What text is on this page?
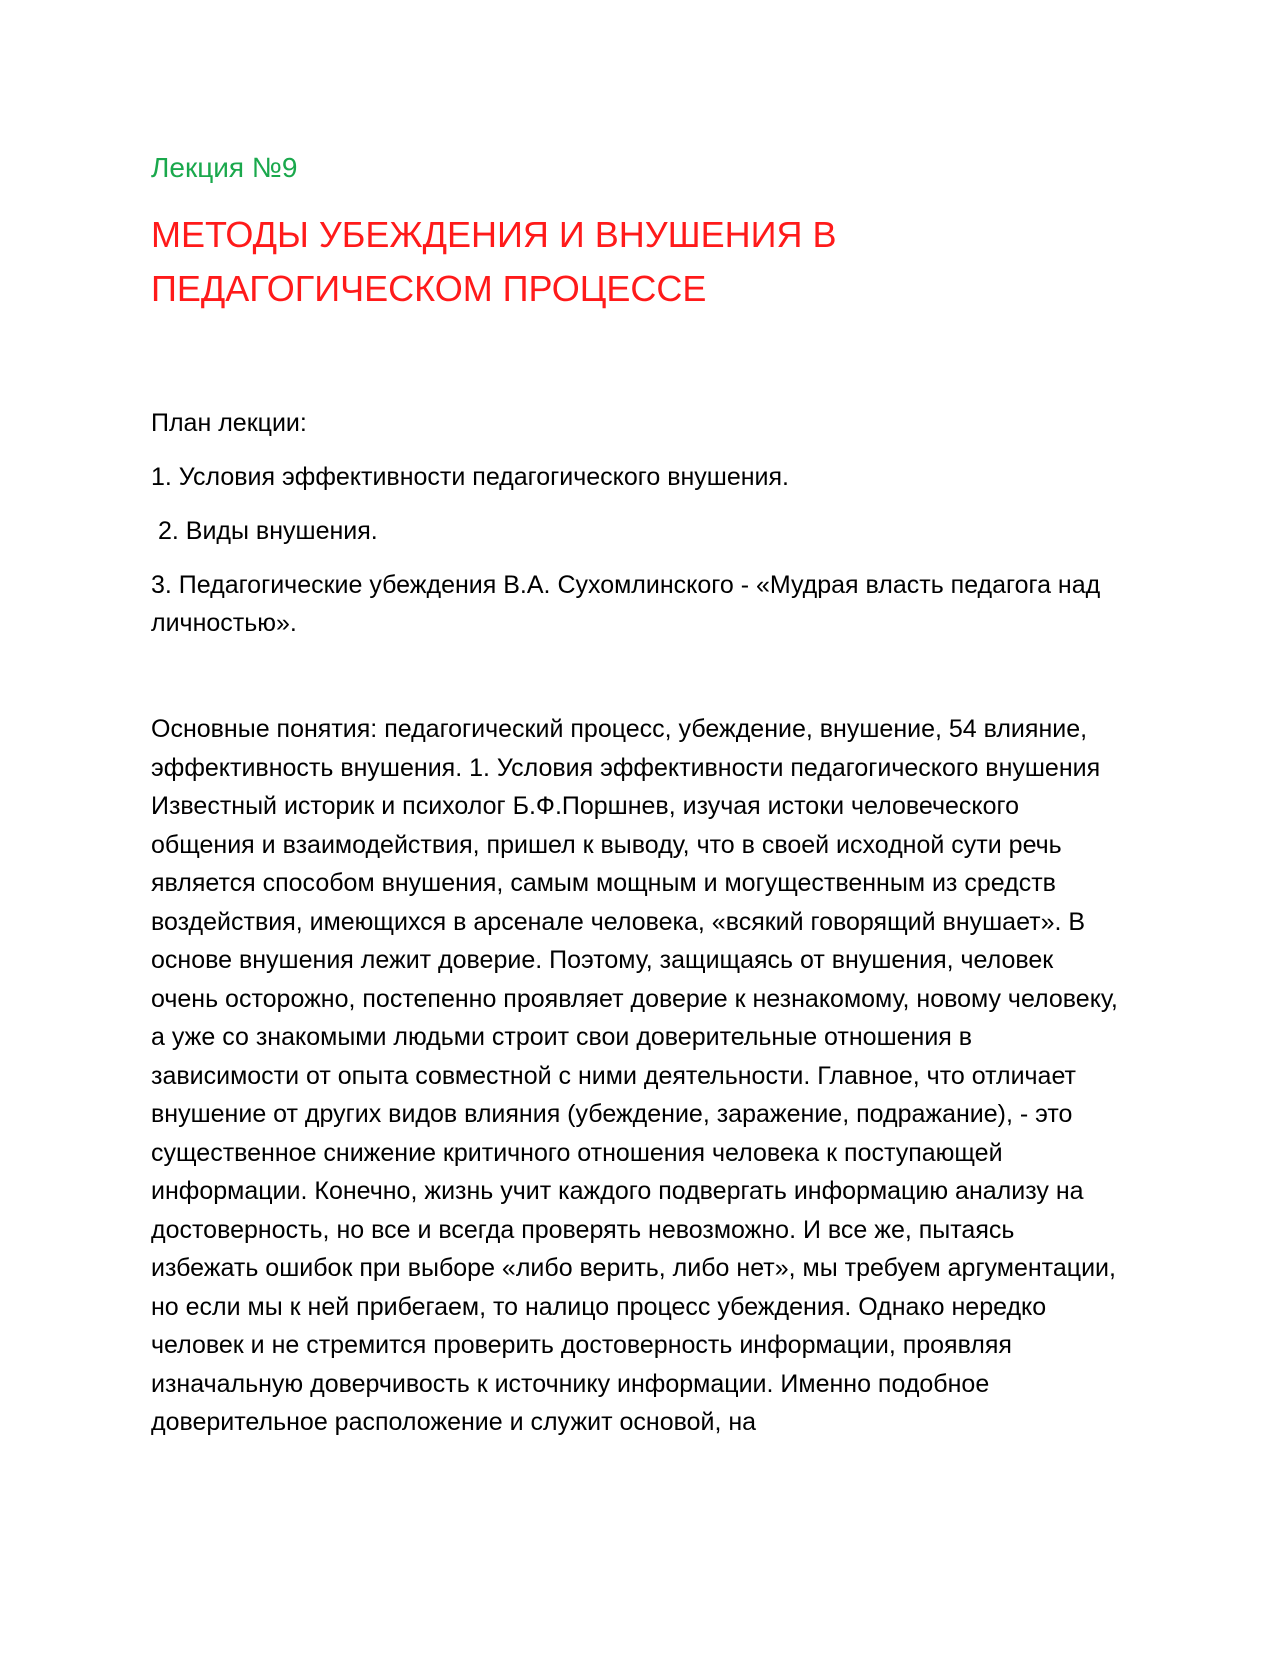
Лекция №9

МЕТОДЫ УБЕЖДЕНИЯ И ВНУШЕНИЯ В
ПЕДАГОГИЧЕСКОМ ПРОЦЕССЕ

План лекции:

1. Условия эффективности педагогического внушения.

2. Виды внушения.

3. Педагогические убеждения В.А. Сухомлинского - «Мудрая власть педагога над личностью».

Основные понятия: педагогический процесс, убеждение, внушение, 54 влияние, эффективность внушения. 1. Условия эффективности педагогического внушения Известный историк и психолог Б.Ф.Поршнев, изучая истоки человеческого общения и взаимодействия, пришел к выводу, что в своей исходной сути речь является способом внушения, самым мощным и могущественным из средств воздействия, имеющихся в арсенале человека, «всякий говорящий внушает». В основе внушения лежит доверие. Поэтому, защищаясь от внушения, человек очень осторожно, постепенно проявляет доверие к незнакомому, новому человеку, а уже со знакомыми людьми строит свои доверительные отношения в зависимости от опыта совместной с ними деятельности. Главное, что отличает внушение от других видов влияния (убеждение, заражение, подражание), - это существенное снижение критичного отношения человека к поступающей информации. Конечно, жизнь учит каждого подвергать информацию анализу на достоверность, но все и всегда проверять невозможно. И все же, пытаясь избежать ошибок при выборе «либо верить, либо нет», мы требуем аргументации, но если мы к ней прибегаем, то налицо процесс убеждения. Однако нередко человек и не стремится проверить достоверность информации, проявляя изначальную доверчивость к источнику информации. Именно подобное доверительное расположение и служит основой, на
